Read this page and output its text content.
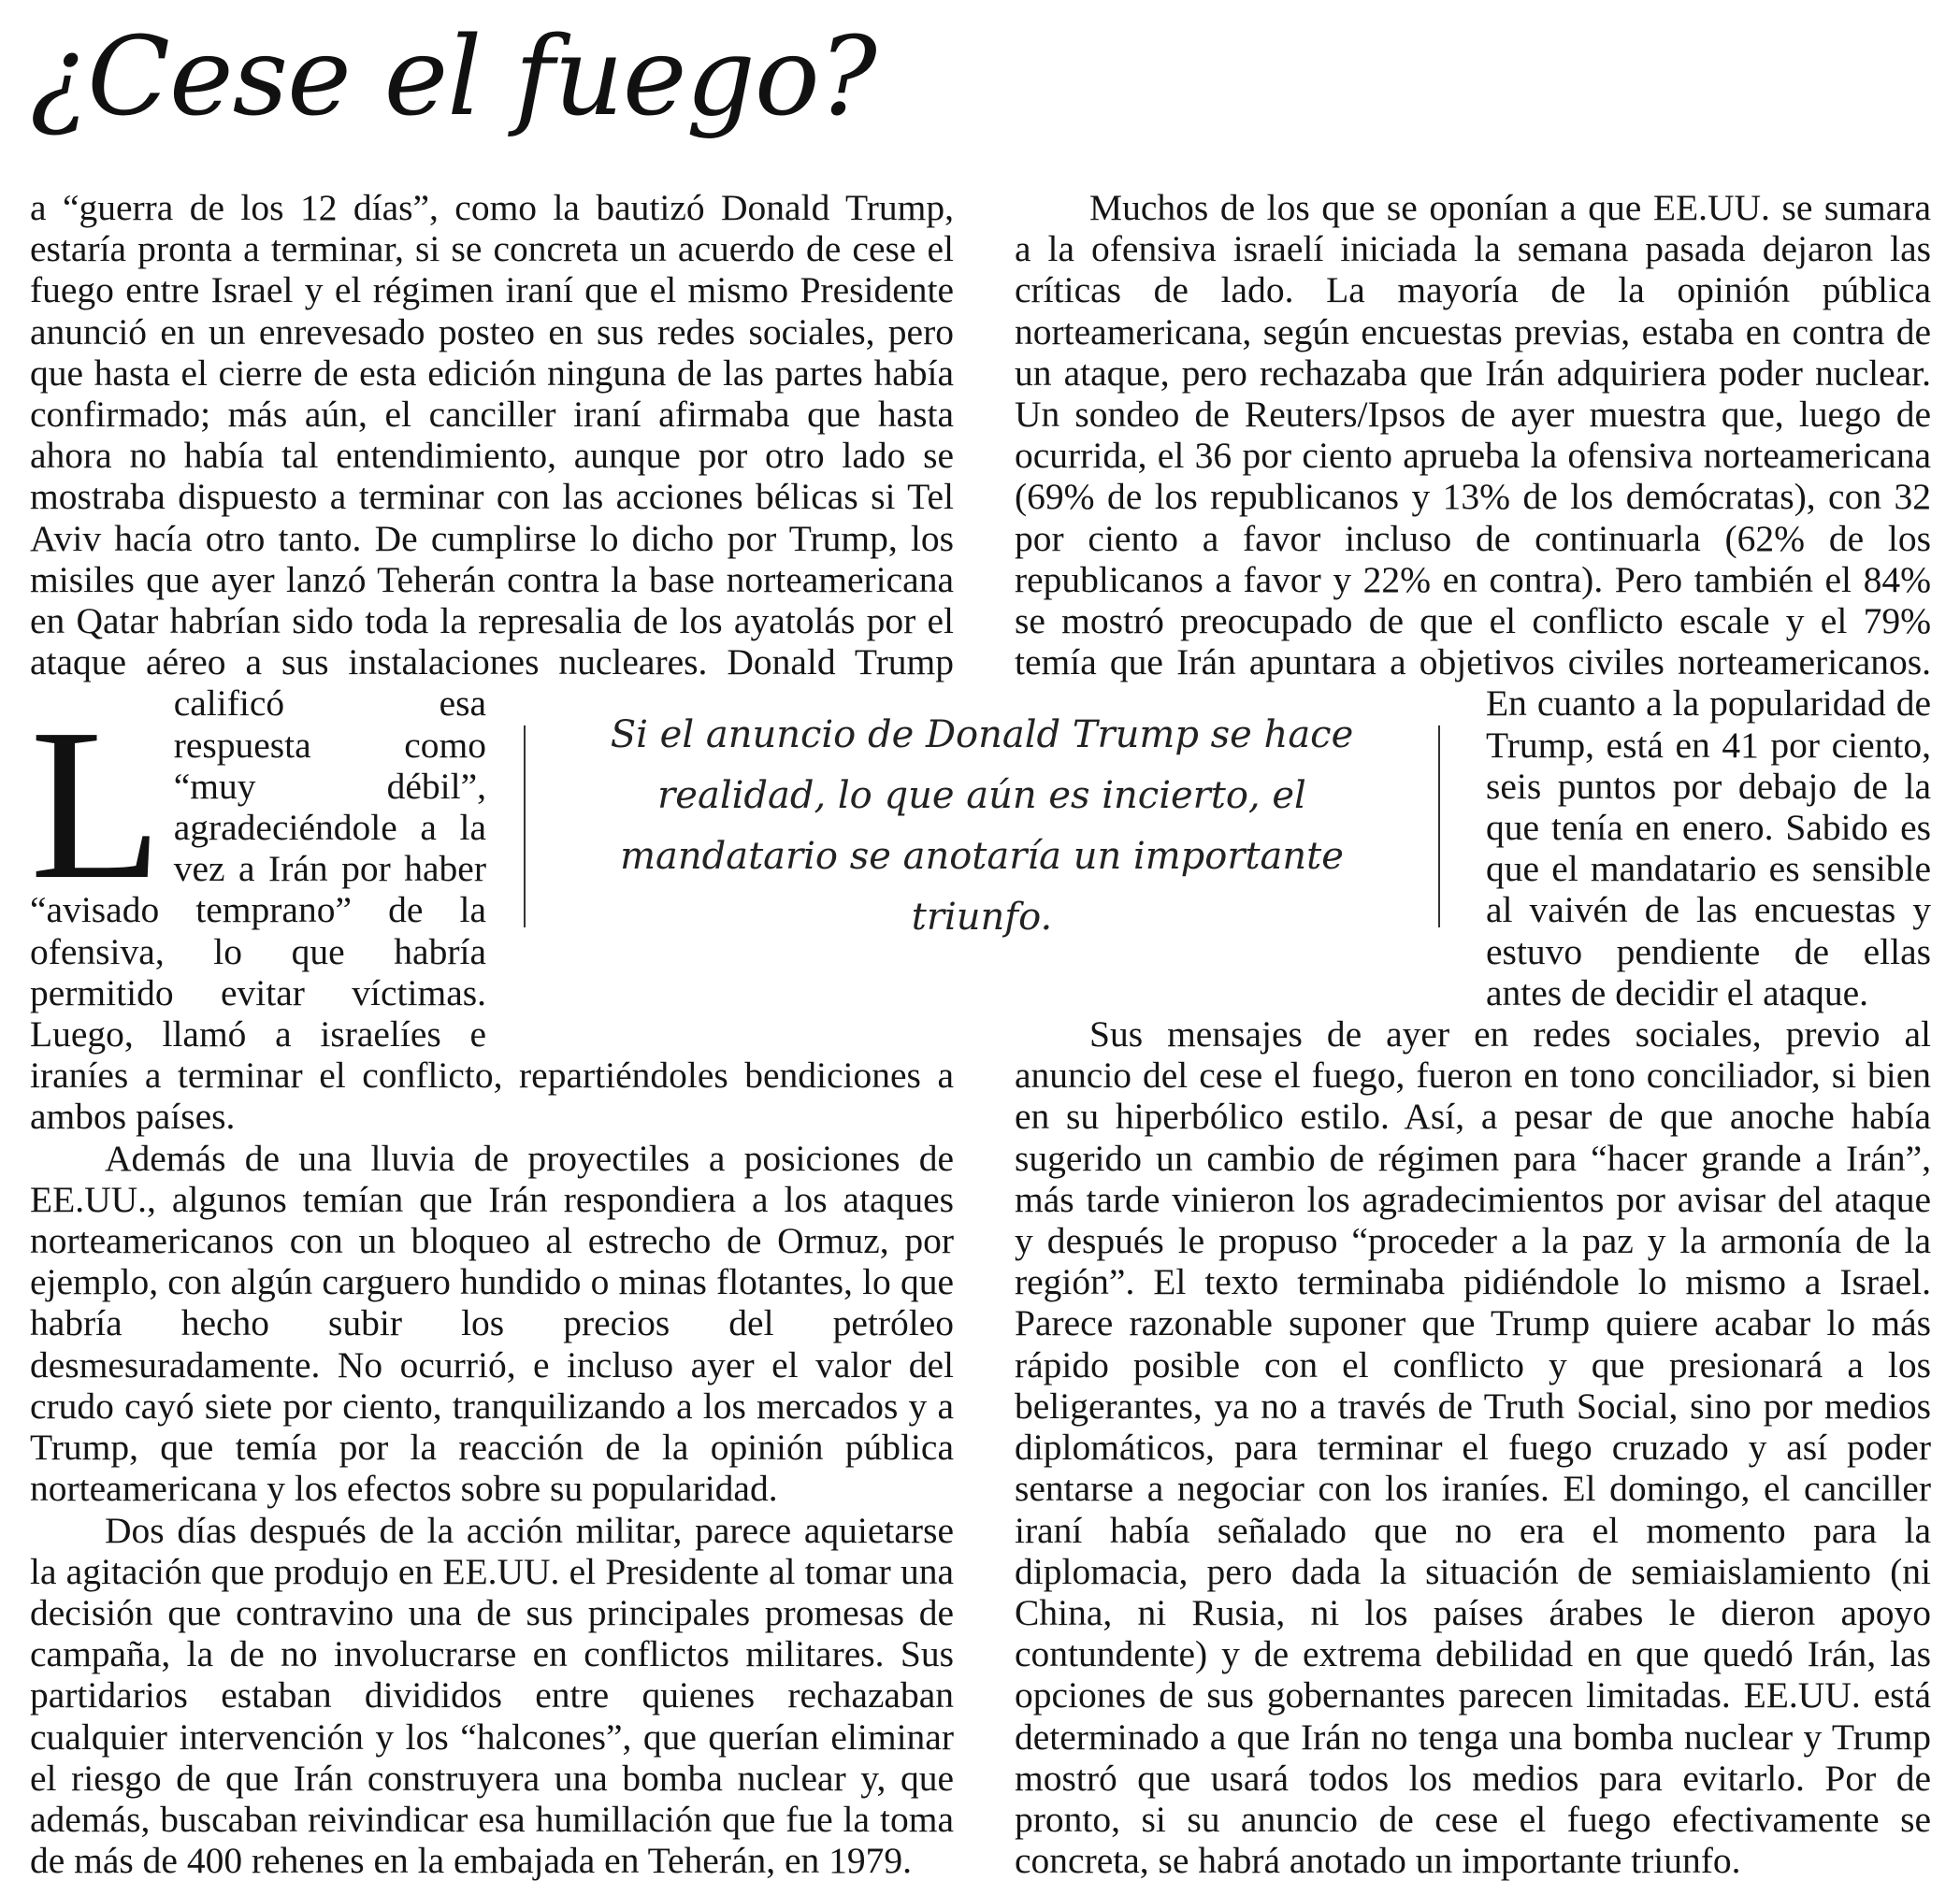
¿Cese el fuego?
L

a “guerra de los 12 días”, como la bautizó Donald Trump, estaría pronta a terminar, si se concreta un acuerdo de cese el fuego entre Israel y el régimen iraní que el mismo Presidente anunció en un enrevesado posteo en sus redes sociales, pero que hasta el cierre de esta edición ninguna de las partes había confirmado; más aún, el canciller iraní afirmaba que hasta ahora no había tal entendimiento, aunque por otro lado se mostraba dispuesto a terminar con las acciones bélicas si Tel Aviv hacía otro tanto. De cumplirse lo dicho por Trump, los misiles que ayer lanzó Teherán contra la base norteamericana en Qatar habrían sido toda la represalia de los ayatolás por el ataque aéreo a sus instalaciones nucleares. Donald Trump calificó esa respuesta como “muy débil”, agradeciéndole a la vez a Irán por haber “avisado temprano” de la ofensiva, lo que habría permitido evitar víctimas. Luego, llamó a israelíes e iraníes a terminar el conflicto, repartiéndoles bendiciones a ambos países.

Además de una lluvia de proyectiles a posiciones de EE.UU., algunos temían que Irán respondiera a los ataques norteamericanos con un bloqueo al estrecho de Ormuz, por ejemplo, con algún carguero hundido o minas flotantes, lo que habría hecho subir los precios del petróleo desmesuradamente. No ocurrió, e incluso ayer el valor del crudo cayó siete por ciento, tranquilizando a los mercados y a Trump, que temía por la reacción de la opinión pública norteamericana y los efectos sobre su popularidad.

Dos días después de la acción militar, parece aquietarse la agitación que produjo en EE.UU. el Presidente al tomar una decisión que contravino una de sus principales promesas de campaña, la de no involucrarse en conflictos militares. Sus partidarios estaban divididos entre quienes rechazaban cualquier intervención y los “halcones”, que querían eliminar el riesgo de que Irán construyera una bomba nuclear y, que además, buscaban reivindicar esa humillación que fue la toma de más de 400 rehenes en la embajada en Teherán, en 1979.

Muchos de los que se oponían a que EE.UU. se sumara a la ofensiva israelí iniciada la semana pasada dejaron las críticas de lado. La mayoría de la opinión pública norteamericana, según encuestas previas, estaba en contra de un ataque, pero rechazaba que Irán adquiriera poder nuclear. Un sondeo de Reuters/Ipsos de ayer muestra que, luego de ocurrida, el 36 por ciento aprueba la ofensiva norteamericana (69% de los republicanos y 13% de los demócratas), con 32 por ciento a favor incluso de continuarla (62% de los republicanos a favor y 22% en contra). Pero también el 84% se mostró preocupado de que el conflicto escale y el 79% temía que Irán apuntara a objetivos civiles norteamericanos. En cuanto a la popularidad de Trump, está en 41 por ciento, seis puntos por debajo de la que tenía en enero. Sabido es que el mandatario es sensible al vaivén de las encuestas y estuvo pendiente de ellas antes de decidir el ataque.

Sus mensajes de ayer en redes sociales, previo al anuncio del cese el fuego, fueron en tono conciliador, si bien en su hiperbólico estilo. Así, a pesar de que anoche había sugerido un cambio de régimen para “hacer grande a Irán”, más tarde vinieron los agradecimientos por avisar del ataque y después le propuso “proceder a la paz y la armonía de la región”. El texto terminaba pidiéndole lo mismo a Israel. Parece razonable suponer que Trump quiere acabar lo más rápido posible con el conflicto y que presionará a los beligerantes, ya no a través de Truth Social, sino por medios diplomáticos, para terminar el fuego cruzado y así poder sentarse a negociar con los iraníes. El domingo, el canciller iraní había señalado que no era el momento para la diplomacia, pero dada la situación de semiaislamiento (ni China, ni Rusia, ni los países árabes le dieron apoyo contundente) y de extrema debilidad en que quedó Irán, las opciones de sus gobernantes parecen limitadas. EE.UU. está determinado a que Irán no tenga una bomba nuclear y Trump mostró que usará todos los medios para evitarlo. Por de pronto, si su anuncio de cese el fuego efectivamente se concreta, se habrá anotado un importante triunfo.

Si el anuncio de Donald Trump se hace realidad, lo que aún es incierto, el mandatario se anotaría un importante triunfo.
